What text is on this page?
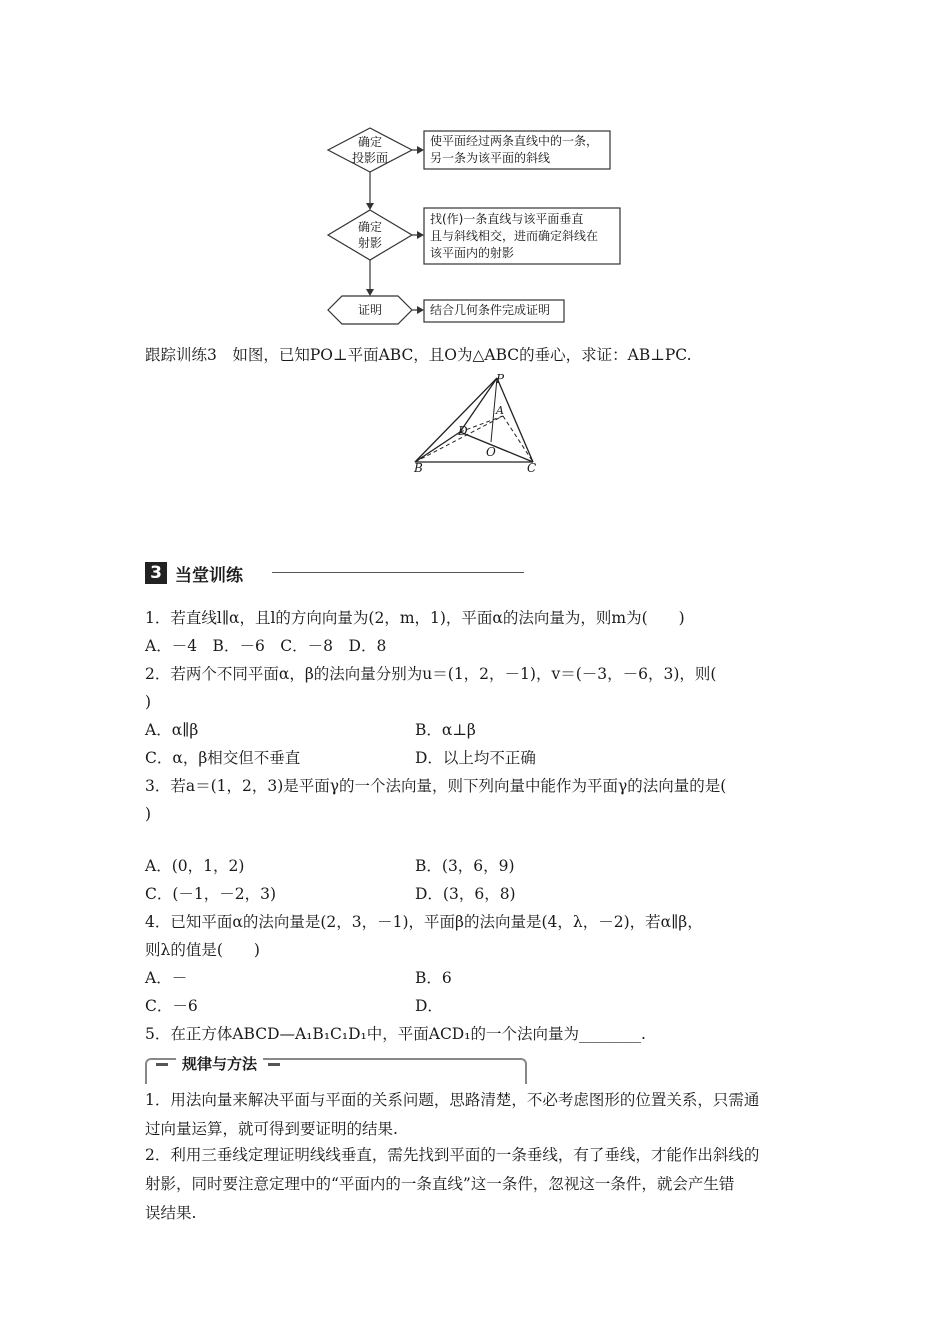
确定
投影面
确定
射影
证明
使平面经过两条直线中的一条，
另一条为该平面的斜线
找(作)一条直线与该平面垂直
且与斜线相交，进而确定斜线在
该平面内的射影
结合几何条件完成证明
跟踪训练3　如图，已知PO⊥平面ABC，且O为△ABC的垂心，求证：AB⊥PC.
P
A
D
O
B	C
3 当堂训练
1．若直线l∥α，且l的方向向量为(2，m，1)，平面α的法向量为，则m为(　　)
A．－4　B．－6　C．－8　D．8
2．若两个不同平面α，β的法向量分别为u＝(1，2，－1)，v＝(－3，－6，3)，则(
)
A．α∥β	B．α⊥β
C．α，β相交但不垂直	D．以上均不正确
3．若a＝(1，2，3)是平面γ的一个法向量，则下列向量中能作为平面γ的法向量的是(
)
A．(0，1，2)	B．(3，6，9)
C．(－1，－2，3)	D．(3，6，8)
4．已知平面α的法向量是(2，3，－1)，平面β的法向量是(4，λ，－2)，若α∥β，
则λ的值是(　　)
A．－	B．6
C．－6	D．
5．在正方体ABCD—A₁B₁C₁D₁中，平面ACD₁的一个法向量为________.
规律与方法
1．用法向量来解决平面与平面的关系问题，思路清楚，不必考虑图形的位置关系，只需通
过向量运算，就可得到要证明的结果.
2．利用三垂线定理证明线线垂直，需先找到平面的一条垂线，有了垂线，才能作出斜线的
射影，同时要注意定理中的“平面内的一条直线”这一条件，忽视这一条件，就会产生错
误结果.
